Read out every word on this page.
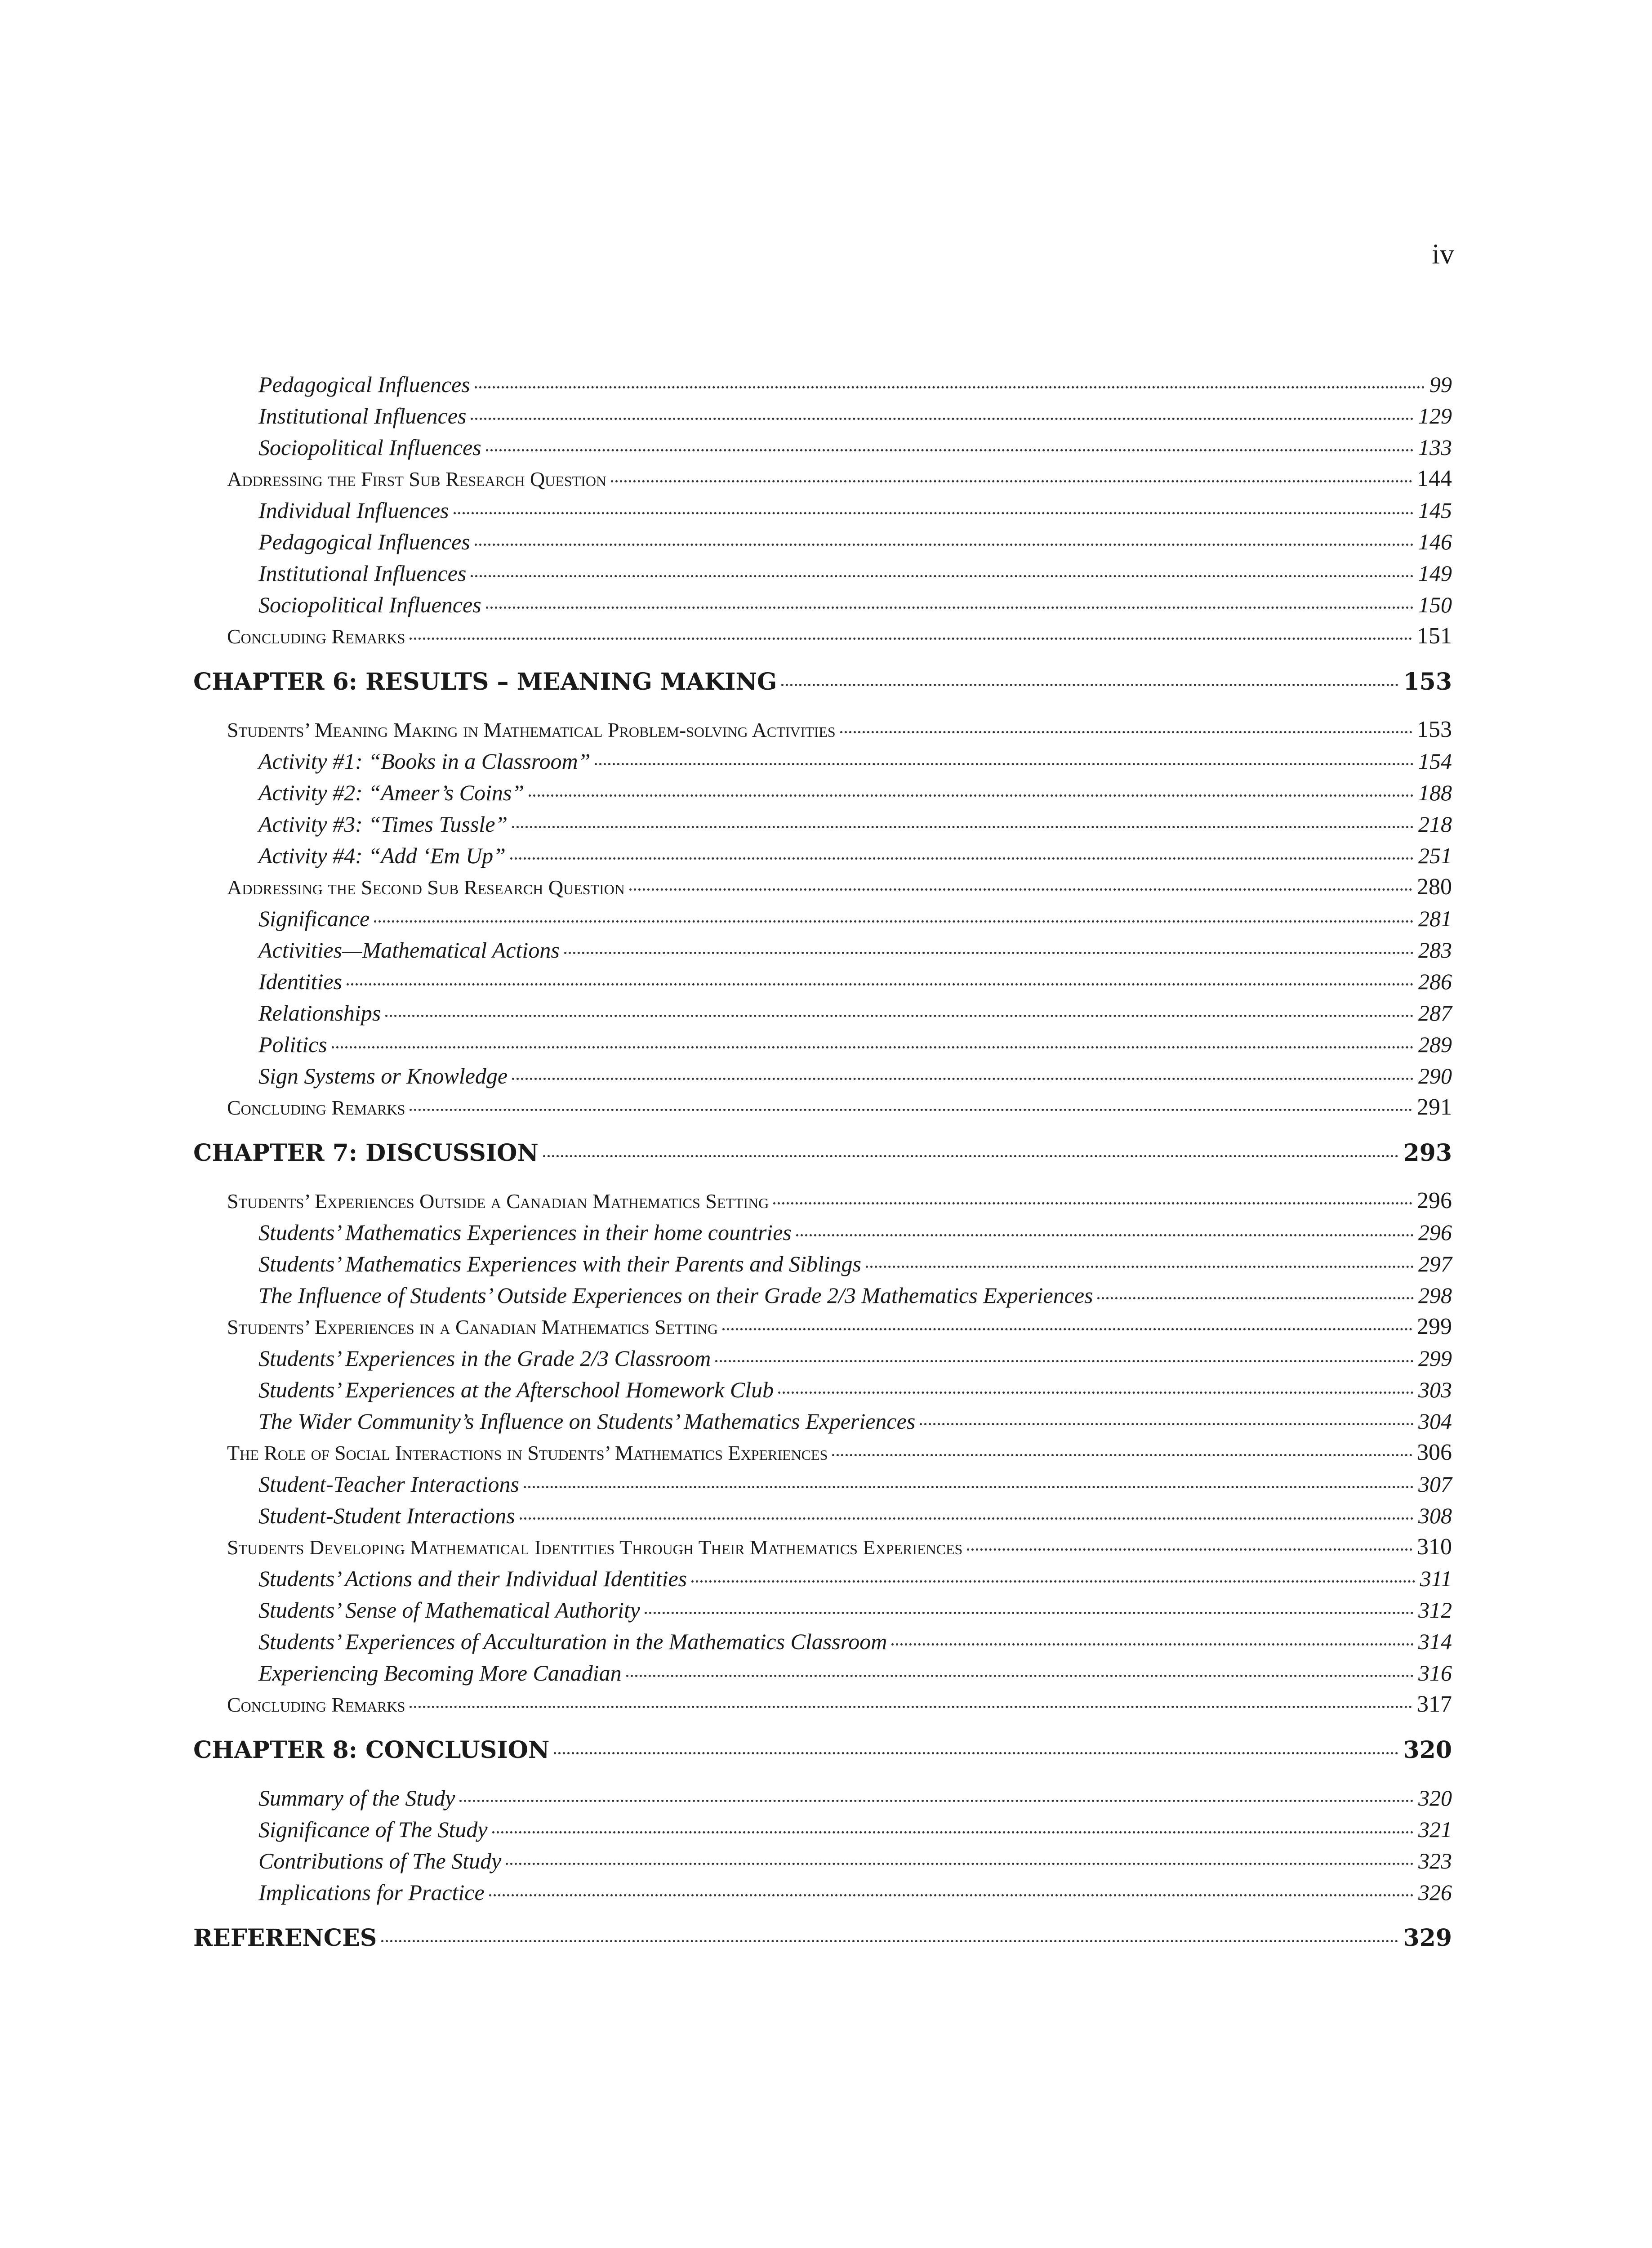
iv
Pedagogical Influences	99
Institutional Influences	129
Sociopolitical Influences	133
Addressing the First Sub Research Question	144
Individual Influences	145
Pedagogical Influences	146
Institutional Influences	149
Sociopolitical Influences	150
Concluding Remarks	151
CHAPTER 6: RESULTS – MEANING MAKING	153
Students’ Meaning Making in Mathematical Problem-solving Activities	153
Activity #1: “Books in a Classroom”	154
Activity #2: “Ameer’s Coins”	188
Activity #3: “Times Tussle”	218
Activity #4: “Add ‘Em Up”	251
Addressing the Second Sub Research Question	280
Significance	281
Activities—Mathematical Actions	283
Identities	286
Relationships	287
Politics	289
Sign Systems or Knowledge	290
Concluding Remarks	291
CHAPTER 7: DISCUSSION	293
Students’ Experiences Outside a Canadian Mathematics Setting	296
Students’ Mathematics Experiences in their home countries	296
Students’ Mathematics Experiences with their Parents and Siblings	297
The Influence of Students’ Outside Experiences on their Grade 2/3 Mathematics Experiences	298
Students’ Experiences in a Canadian Mathematics Setting	299
Students’ Experiences in the Grade 2/3 Classroom	299
Students’ Experiences at the Afterschool Homework Club	303
The Wider Community’s Influence on Students’ Mathematics Experiences	304
The Role of Social Interactions in Students’ Mathematics Experiences	306
Student-Teacher Interactions	307
Student-Student Interactions	308
Students Developing Mathematical Identities Through Their Mathematics Experiences	310
Students’ Actions and their Individual Identities	311
Students’ Sense of Mathematical Authority	312
Students’ Experiences of Acculturation in the Mathematics Classroom	314
Experiencing Becoming More Canadian	316
Concluding Remarks	317
CHAPTER 8: CONCLUSION	320
Summary of the Study	320
Significance of The Study	321
Contributions of The Study	323
Implications for Practice	326
REFERENCES	329
